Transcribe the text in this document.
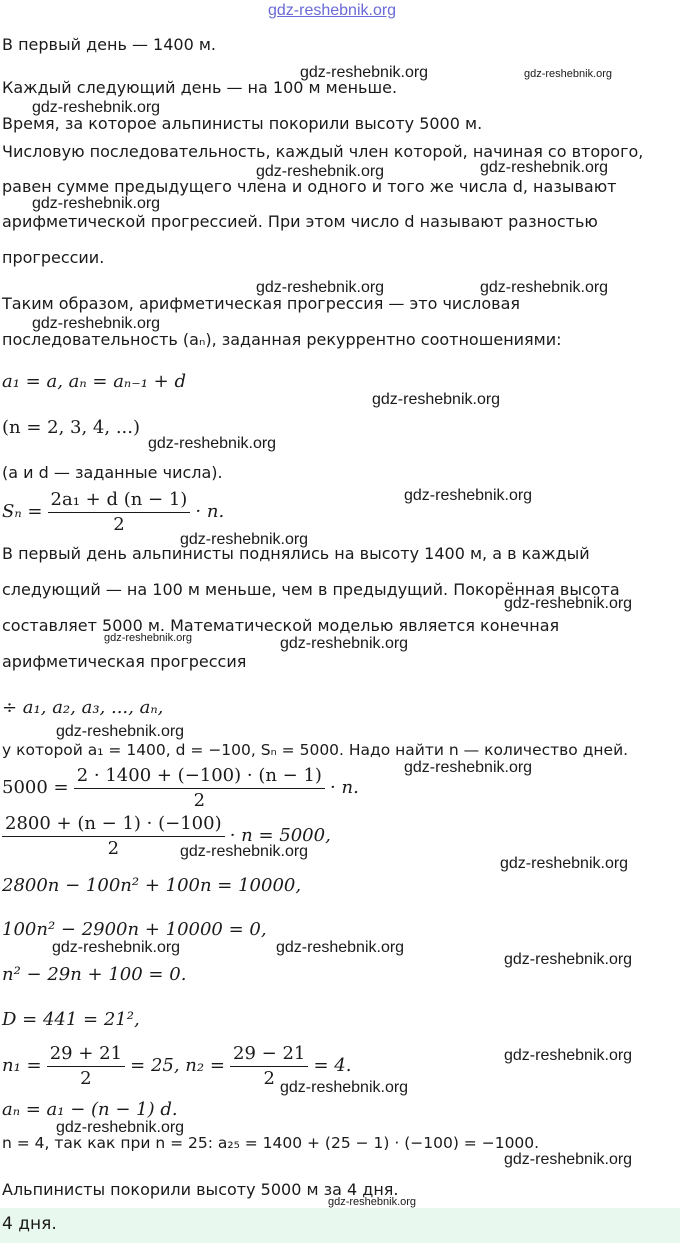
gdz-reshebnik.org
В первый день — 1400 м.
Каждый следующий день — на 100 м меньше.
Время, за которое альпинисты покорили высоту 5000 м.
Числовую последовательность, каждый член которой, начиная со второго,
равен сумме предыдущего члена и одного и того же числа d, называют
арифметической прогрессией. При этом число d называют разностью
прогрессии.
Таким образом, арифметическая прогрессия — это числовая
последовательность (aₙ), заданная рекуррентно соотношениями:
a₁ = a, aₙ = aₙ₋₁ + d
(n = 2, 3, 4, ...)
(a и d — заданные числа).
$S_n = \frac{\text{2a₁ + d (n − 1)}}{2} \cdot n$.
В первый день альпинисты поднялись на высоту 1400 м, а в каждый
следующий — на 100 м меньше, чем в предыдущий. Покорённая высота
составляет 5000 м. Математической моделью является конечная
арифметическая прогрессия
÷ a₁, a₂, a₃, ..., aₙ,
у которой a₁ = 1400, d = −100, Sₙ = 5000. Надо найти n — количество дней.
$5000 = \frac{2 \cdot 1400 + (-100) \cdot (n - 1)}{2} \cdot n$.
$\frac{2800 + (n - 1) \cdot (-100)}{2} \cdot n = 5000$,
2800n − 100n² + 100n = 10000,
100n² − 2900n + 10000 = 0,
n² − 29n + 100 = 0.
D = 441 = 21²,
$n_1 = \frac{29 + 21}{2} = 25$, $n_2 = \frac{29 - 21}{2} = 4$.
aₙ = a₁ − (n − 1) d.
n = 4, так как при n = 25: a₂₅ = 1400 + (25 − 1) · (−100) = −1000.
Альпинисты покорили высоту 5000 м за 4 дня.
4 дня.
gdz-reshebnik.org	gdz-reshebnik.org
gdz-reshebnik.org
gdz-reshebnik.org
gdz-reshebnik.org
gdz-reshebnik.org
gdz-reshebnik.org	gdz-reshebnik.org
gdz-reshebnik.org
gdz-reshebnik.org
gdz-reshebnik.org
gdz-reshebnik.org
gdz-reshebnik.org
gdz-reshebnik.org
gdz-reshebnik.org	gdz-reshebnik.org
gdz-reshebnik.org
gdz-reshebnik.org
gdz-reshebnik.org
gdz-reshebnik.org
gdz-reshebnik.org	gdz-reshebnik.org
gdz-reshebnik.org
gdz-reshebnik.org
gdz-reshebnik.org
gdz-reshebnik.org
gdz-reshebnik.org
gdz-reshebnik.org
